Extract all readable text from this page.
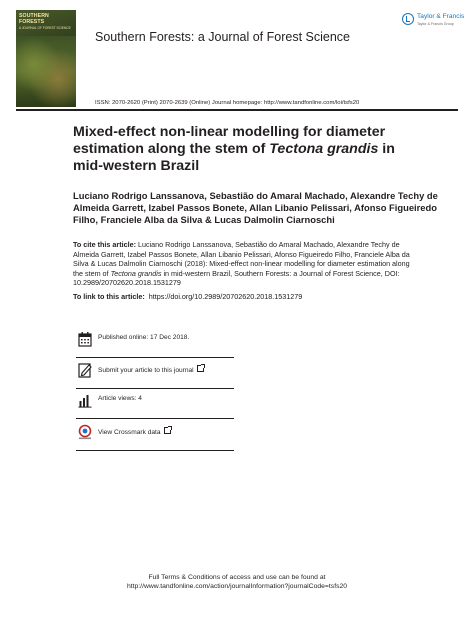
SOUTHERN FORESTS
A JOURNAL OF FOREST SCIENCE
Southern Forests: a Journal of Forest Science
Taylor & Francis
Taylor & Francis Group
ISSN: 2070-2620 (Print) 2070-2639 (Online) Journal homepage: http://www.tandfonline.com/loi/tsfs20
Mixed-effect non-linear modelling for diameter estimation along the stem of Tectona grandis in mid-western Brazil
Luciano Rodrigo Lanssanova, Sebastião do Amaral Machado, Alexandre Techy de Almeida Garrett, Izabel Passos Bonete, Allan Libanio Pelissari, Afonso Figueiredo Filho, Franciele Alba da Silva & Lucas Dalmolin Ciarnoschi
To cite this article: Luciano Rodrigo Lanssanova, Sebastião do Amaral Machado, Alexandre Techy de Almeida Garrett, Izabel Passos Bonete, Allan Libanio Pelissari, Afonso Figueiredo Filho, Franciele Alba da Silva & Lucas Dalmolin Ciarnoschi (2018): Mixed-effect non-linear modelling for diameter estimation along the stem of Tectona grandis in mid-western Brazil, Southern Forests: a Journal of Forest Science, DOI: 10.2989/20702620.2018.1531279
To link to this article: https://doi.org/10.2989/20702620.2018.1531279
Published online: 17 Dec 2018.
Submit your article to this journal
Article views: 4
View Crossmark data
Full Terms & Conditions of access and use can be found at
http://www.tandfonline.com/action/journalInformation?journalCode=tsfs20
